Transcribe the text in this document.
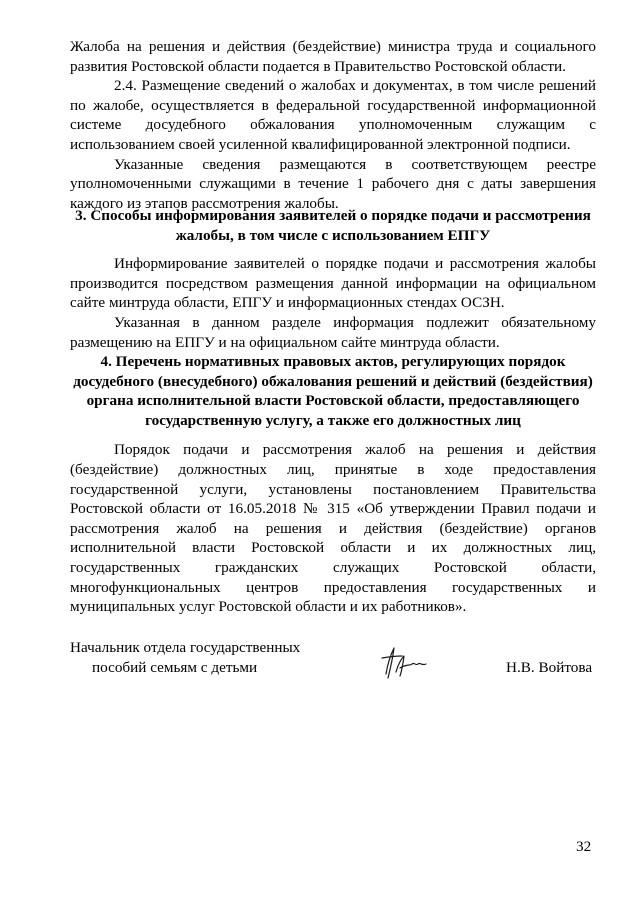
Жалоба на решения и действия (бездействие) министра труда и социального развития Ростовской области подается в Правительство Ростовской области.

2.4. Размещение сведений о жалобах и документах, в том числе решений по жалобе, осуществляется в федеральной государственной информационной системе досудебного обжалования уполномоченным служащим с использованием своей усиленной квалифицированной электронной подписи.

Указанные сведения размещаются в соответствующем реестре уполномоченными служащими в течение 1 рабочего дня с даты завершения каждого из этапов рассмотрения жалобы.

3. Способы информирования заявителей о порядке подачи и рассмотрения жалобы, в том числе с использованием ЕПГУ

Информирование заявителей о порядке подачи и рассмотрения жалобы производится посредством размещения данной информации на официальном сайте минтруда области, ЕПГУ и информационных стендах ОСЗН.

Указанная в данном разделе информация подлежит обязательному размещению на ЕПГУ и на официальном сайте минтруда области.

4. Перечень нормативных правовых актов, регулирующих порядок досудебного (внесудебного) обжалования решений и действий (бездействия) органа исполнительной власти Ростовской области, предоставляющего государственную услугу, а также его должностных лиц

Порядок подачи и рассмотрения жалоб на решения и действия (бездействие) должностных лиц, принятые в ходе предоставления государственной услуги, установлены постановлением Правительства Ростовской области от 16.05.2018 № 315 «Об утверждении Правил подачи и рассмотрения жалоб на решения и действия (бездействие) органов исполнительной власти Ростовской области и их должностных лиц, государственных гражданских служащих Ростовской области, многофункциональных центров предоставления государственных и муниципальных услуг Ростовской области и их работников».

Начальник отдела государственных
пособий семьям с детьми	Н.В. Войтова
32
